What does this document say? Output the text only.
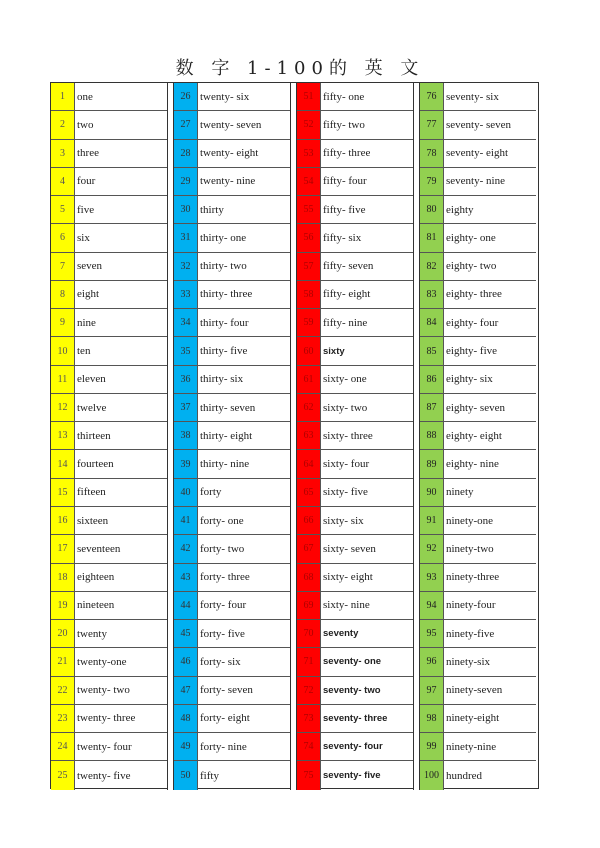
数 字 1-100的 英 文
1	one
2	two
3	three
4	four
5	five
6	six
7	seven
8	eight
9	nine
10 ten
11 eleven
12 twelve
13 thirteen
14 fourteen
15 fifteen
16 sixteen
17 seventeen
18 eighteen
19 nineteen
20 twenty
21 twenty-one
22 twenty- two
23 twenty- three
24 twenty- four
25 twenty- five
26 twenty- six
27 twenty- seven
28 twenty- eight
29 twenty- nine
30 thirty
31 thirty- one
32 thirty- two
33 thirty- three
34 thirty- four
35 thirty- five
36 thirty- six
37 thirty- seven
38 thirty- eight
39 thirty- nine
40 forty
41 forty- one
42 forty- two
43 forty- three
44 forty- four
45 forty- five
46 forty- six
47 forty- seven
48 forty- eight
49 forty- nine
50 fifty
51 fifty- one
52 fifty- two
53 fifty- three
54 fifty- four
55 fifty- five
56 fifty- six
57 fifty- seven
58 fifty- eight
59 fifty- nine
60	sixty
61 sixty- one
62 sixty- two
63 sixty- three
64 sixty- four
65 sixty- five
66 sixty- six
67 sixty- seven
68 sixty- eight
69 sixty- nine
70	seventy
71	seventy- one
72	seventy- two
73	seventy- three
74	seventy- four
75	seventy- five
76 seventy- six
77 seventy- seven
78 seventy- eight
79 seventy- nine
80 eighty
81 eighty- one
82 eighty- two
83 eighty- three
84 eighty- four
85 eighty- five
86 eighty- six
87 eighty- seven
88 eighty- eight
89 eighty- nine
90 ninety
91 ninety-one
92 ninety-two
93 ninety-three
94 ninety-four
95 ninety-five
96 ninety-six
97 ninety-seven
98 ninety-eight
99 ninety-nine
100 hundred
